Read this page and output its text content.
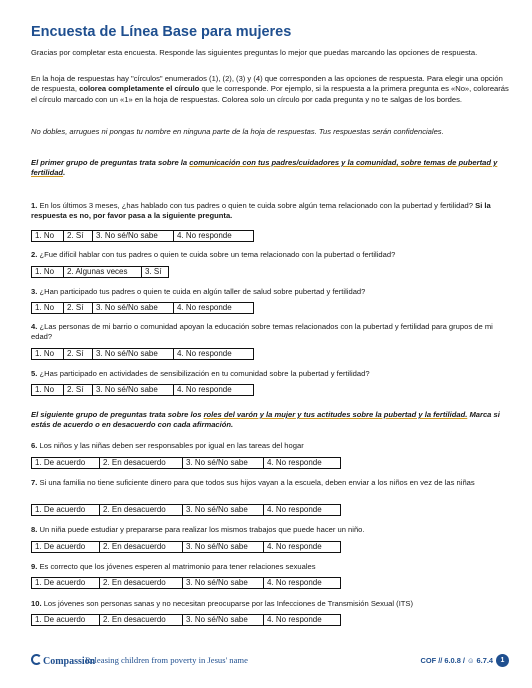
Encuesta de Línea Base para mujeres
Gracias por completar esta encuesta. Responde las siguientes preguntas lo mejor que puedas marcando las opciones de respuesta.
En la hoja de respuestas hay "círculos" enumerados (1), (2), (3) y (4) que corresponden a las opciones de respuesta. Para elegir una opción de respuesta, colorea completamente el círculo que le corresponde. Por ejemplo, si la respuesta a la primera pregunta es «No», colorearás el círculo marcado con un «1» en la hoja de respuestas. Colorea solo un círculo por cada pregunta y no te salgas de los bordes.
No dobles, arrugues ni pongas tu nombre en ninguna parte de la hoja de respuestas. Tus respuestas serán confidenciales.
El primer grupo de preguntas trata sobre la comunicación con tus padres/cuidadores y la comunidad, sobre temas de pubertad y fertilidad.
1. En los últimos 3 meses, ¿has hablado con tus padres o quien te cuida sobre algún tema relacionado con la pubertad y fertilidad? Si la respuesta es no, por favor pasa a la siguiente pregunta.
1. No	2. Sí	3. No sé/No sabe	4. No responde
2. ¿Fue difícil hablar con tus padres o quien te cuida sobre un tema relacionado con la pubertad o fertilidad?
1. No	2. Algunas veces	3. Sí
3. ¿Han participado tus padres o quien te cuida en algún taller de salud sobre pubertad y fertilidad?
1. No	2. Sí	3. No sé/No sabe	4. No responde
4. ¿Las personas de mi barrio o comunidad apoyan la educación sobre temas relacionados con la pubertad y fertilidad para grupos de mi edad?
1. No	2. Sí	3. No sé/No sabe	4. No responde
5. ¿Has participado en actividades de sensibilización en tu comunidad sobre la pubertad y fertilidad?
1. No	2. Sí	3. No sé/No sabe	4. No responde
El siguiente grupo de preguntas trata sobre los roles del varón y la mujer y tus actitudes sobre la pubertad y la fertilidad. Marca si estás de acuerdo o en desacuerdo con cada afirmación.
6. Los niños y las niñas deben ser responsables por igual en las tareas del hogar
1. De acuerdo	2. En desacuerdo	3. No sé/No sabe	4. No responde
7. Si una familia no tiene suficiente dinero para que todos sus hijos vayan a la escuela, deben enviar a los niños en vez de las niñas
1. De acuerdo	2. En desacuerdo	3. No sé/No sabe	4. No responde
8. Un niña puede estudiar y prepararse para realizar los mismos trabajos que puede hacer un niño.
1. De acuerdo	2. En desacuerdo	3. No sé/No sabe	4. No responde
9. Es correcto que los jóvenes esperen al matrimonio para tener relaciones sexuales
1. De acuerdo	2. En desacuerdo	3. No sé/No sabe	4. No responde
10. Los jóvenes son personas sanas y no necesitan preocuparse por las Infecciones de Transmisión Sexual (ITS)
1. De acuerdo	2. En desacuerdo	3. No sé/No sabe	4. No responde
Compassion
Releasing children from poverty in Jesus' name	COF // 6.0.8 / ☺ 6.7.4	1
